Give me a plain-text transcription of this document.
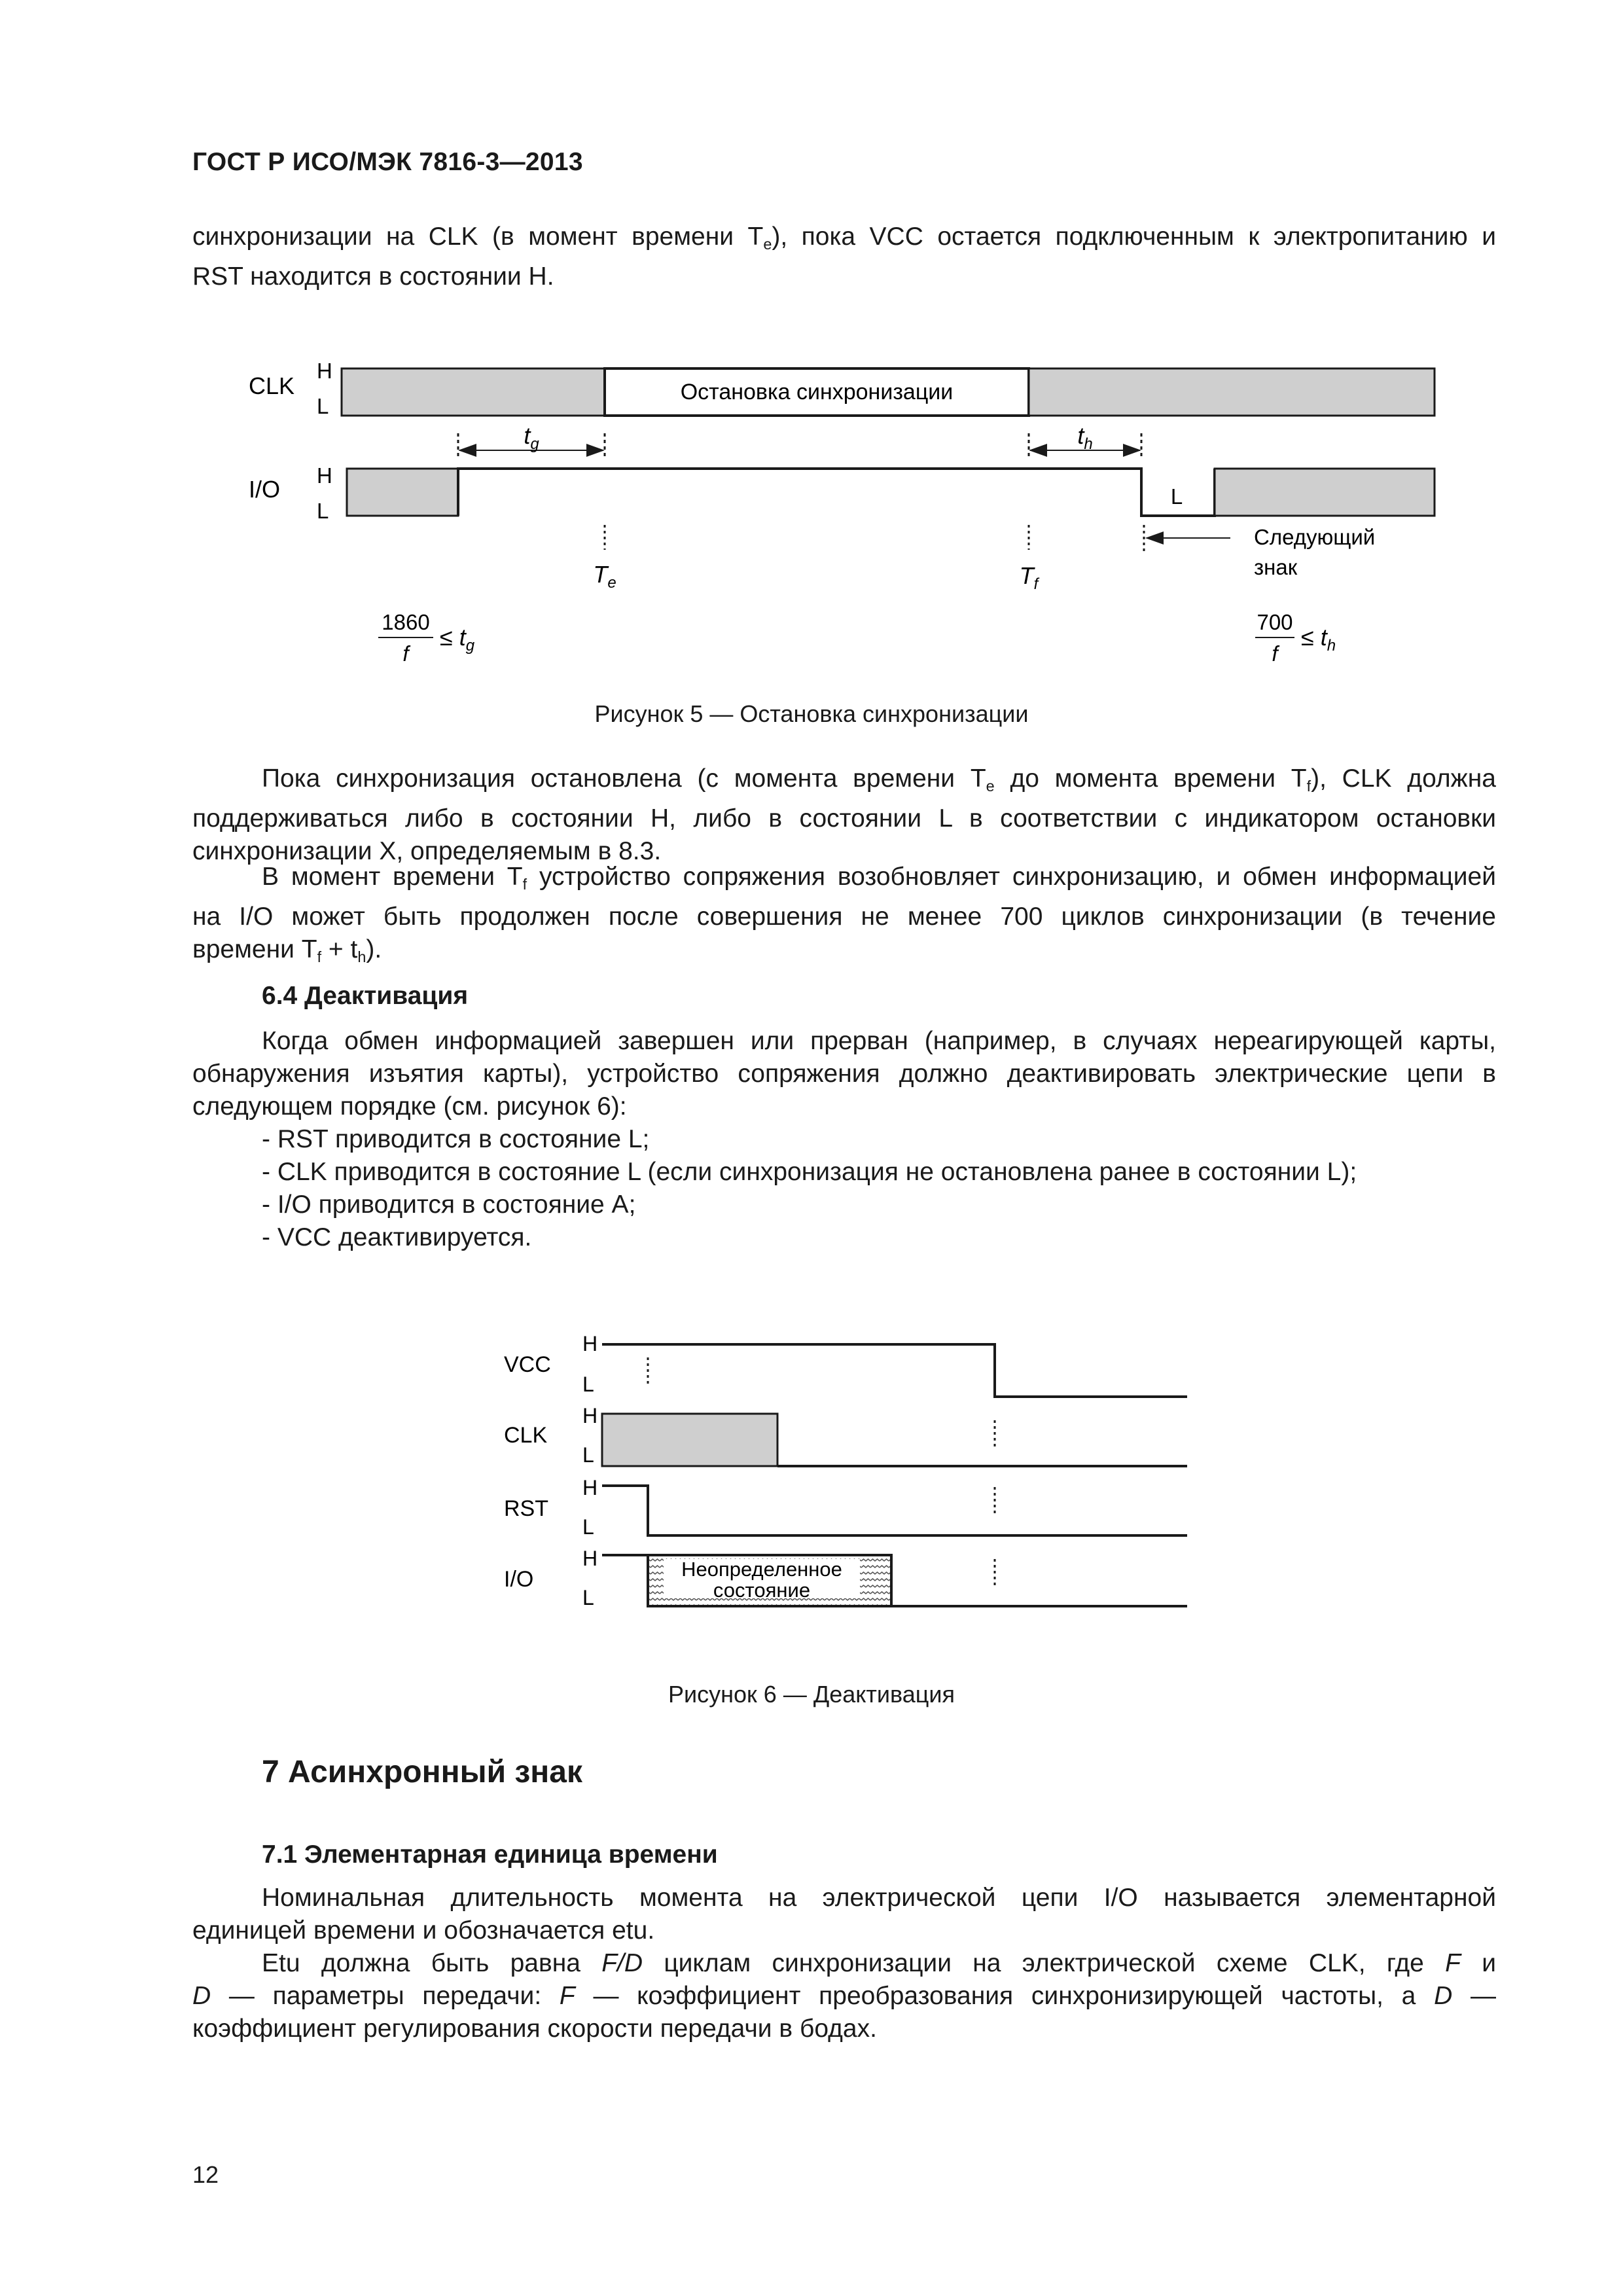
ГОСТ Р ИСО/МЭК 7816-3—2013
синхронизации на CLK (в момент времени $T_e$), пока VCC остается подключенным к электропитанию и
RST находится в состоянии H.
CLK
H
L
Остановка синхронизации
$t_g$	$t_h$
I/O
H
L
L
$T_e$	$T_f$
Следующий
знак
1860
f
≤ $t_g$
700
f
≤ $t_h$
Рисунок 5 — Остановка синхронизации
Пока синхронизация остановлена (с момента времени $T_e$ до момента времени $T_f$), CLK должна
поддерживаться либо в состоянии H, либо в состоянии L в соответствии с индикатором остановки
синхронизации X, определяемым в 8.3.
В момент времени $T_f$ устройство сопряжения возобновляет синхронизацию, и обмен информацией
на I/O может быть продолжен после совершения не менее 700 циклов синхронизации (в течение
времени $T_f + t_h$).
6.4 Деактивация
Когда обмен информацией завершен или прерван (например, в случаях нереагирующей карты,
обнаружения изъятия карты), устройство сопряжения должно деактивировать электрические цепи в
следующем порядке (см. рисунок 6):
- RST приводится в состояние L;
- CLK приводится в состояние L (если синхронизация не остановлена ранее в состоянии L);
- I/O приводится в состояние A;
- VCC деактивируется.
VCC
H
L
CLK
H
L
RST
H
L
I/O
H
L
Неопределенное
состояние
Рисунок 6 — Деактивация
7 Асинхронный знак
7.1 Элементарная единица времени
Номинальная длительность момента на электрической цепи I/O называется элементарной
единицей времени и обозначается etu.
Etu должна быть равна F/D циклам синхронизации на электрической схеме CLK, где F и
D — параметры передачи: F — коэффициент преобразования синхронизирующей частоты, а D —
коэффициент регулирования скорости передачи в бодах.
12
